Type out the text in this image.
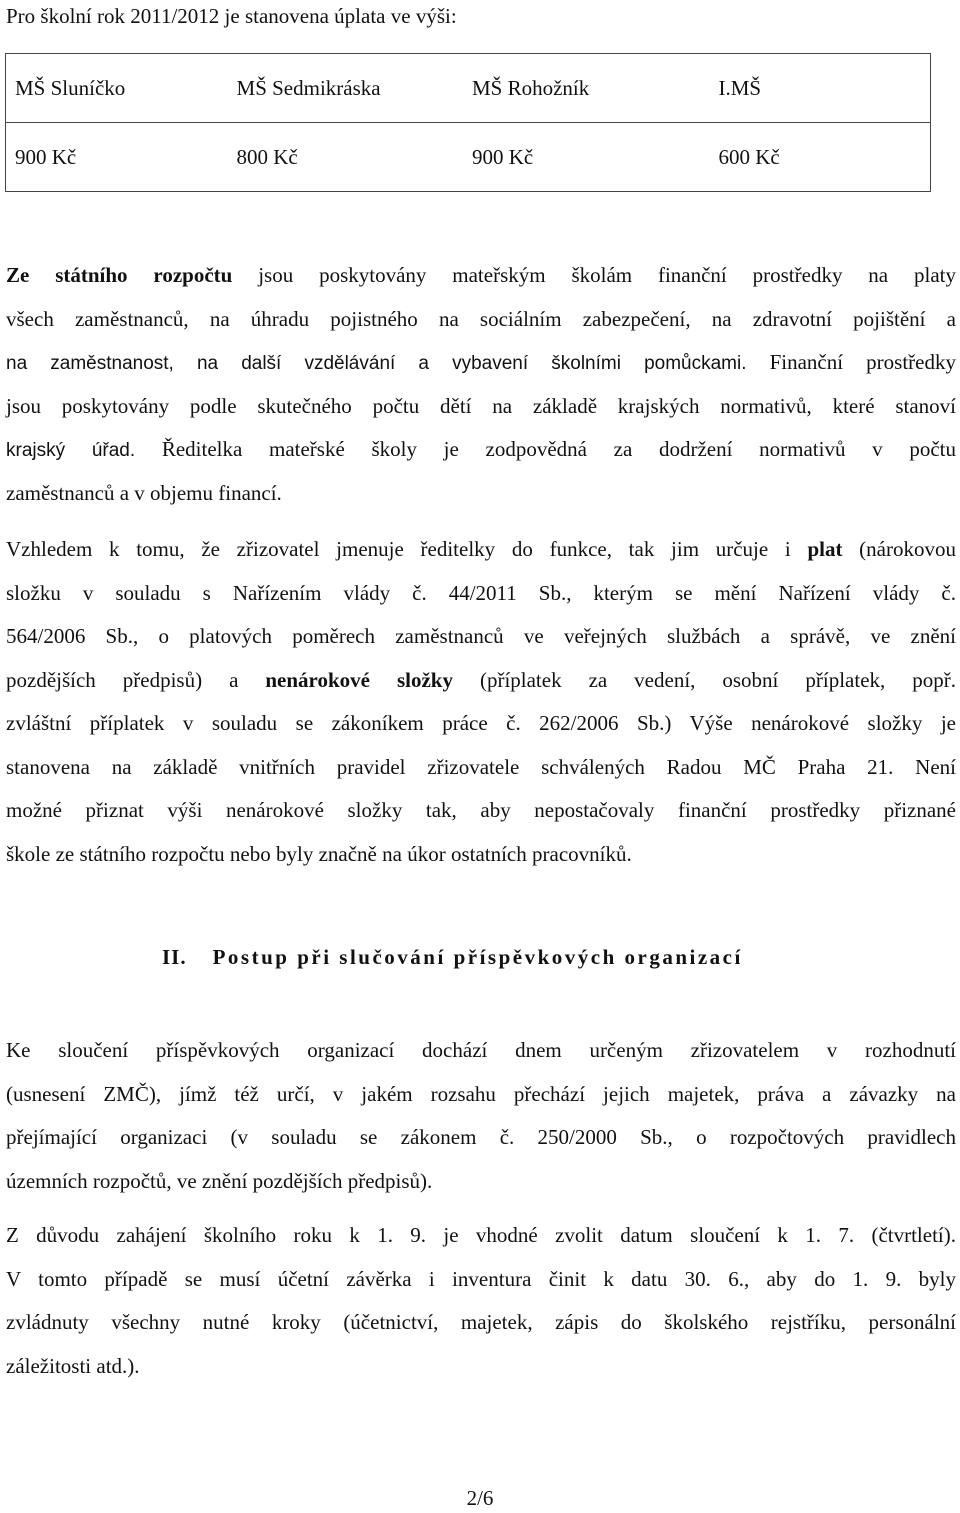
Pro školní rok 2011/2012 je stanovena úplata ve výši:
MŠ Sluníčko	MŠ Sedmikráska	MŠ Rohožník	I.MŠ

900 Kč	800 Kč	900 Kč	600 Kč
Ze státního rozpočtu jsou poskytovány mateřským školám finanční prostředky na platy
všech zaměstnanců, na úhradu pojistného na sociálním zabezpečení, na zdravotní pojištění a
na zaměstnanost, na další vzdělávání a vybavení školními pomůckami. Finanční prostředky
jsou poskytovány podle skutečného počtu dětí na základě krajských normativů, které stanoví
krajský úřad. Ředitelka mateřské školy je zodpovědná za dodržení normativů v počtu
zaměstnanců a v objemu financí.
Vzhledem k tomu, že zřizovatel jmenuje ředitelky do funkce, tak jim určuje i plat (nárokovou
složku v souladu s Nařízením vlády č. 44/2011 Sb., kterým se mění Nařízení vlády č.
564/2006 Sb., o platových poměrech zaměstnanců ve veřejných službách a správě, ve znění
pozdějších předpisů) a nenárokové složky (příplatek za vedení, osobní příplatek, popř.
zvláštní příplatek v souladu se zákoníkem práce č. 262/2006 Sb.) Výše nenárokové složky je
stanovena na základě vnitřních pravidel zřizovatele schválených Radou MČ Praha 21. Není
možné přiznat výši nenárokové složky tak, aby nepostačovaly finanční prostředky přiznané
škole ze státního rozpočtu nebo byly značně na úkor ostatních pracovníků.
II. Postup při slučování příspěvkových organizací
Ke sloučení příspěvkových organizací dochází dnem určeným zřizovatelem v rozhodnutí
(usnesení ZMČ), jímž též určí, v jakém rozsahu přechází jejich majetek, práva a závazky na
přejímající organizaci (v souladu se zákonem č. 250/2000 Sb., o rozpočtových pravidlech
územních rozpočtů, ve znění pozdějších předpisů).
Z důvodu zahájení školního roku k 1. 9. je vhodné zvolit datum sloučení k 1. 7. (čtvrtletí).
V tomto případě se musí účetní závěrka i inventura činit k datu 30. 6., aby do 1. 9. byly
zvládnuty všechny nutné kroky (účetnictví, majetek, zápis do školského rejstříku, personální
záležitosti atd.).
2/6
